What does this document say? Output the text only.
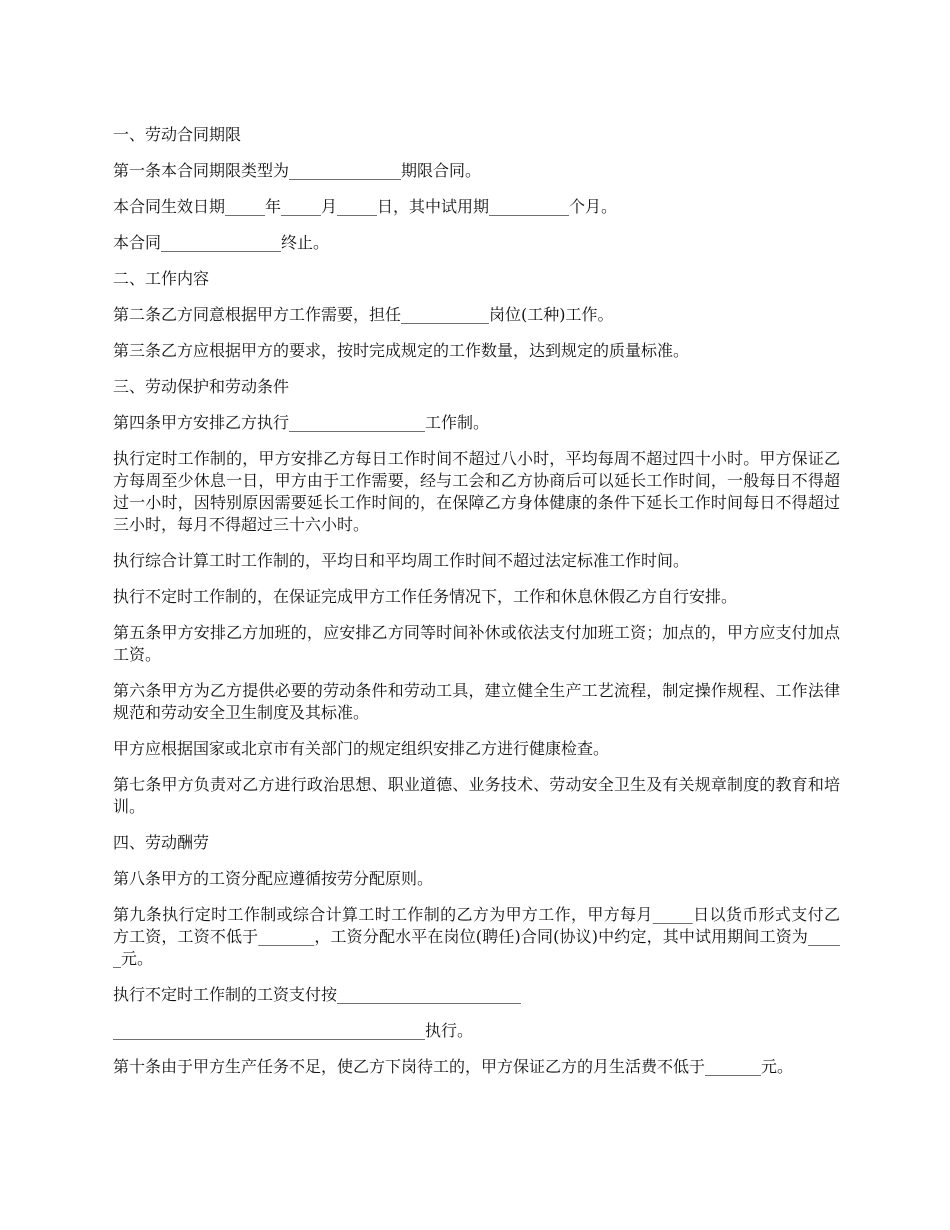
一、劳动合同期限

第一条本合同期限类型为______________期限合同。

本合同生效日期_____年_____月_____日，其中试用期__________个月。

本合同_______________终止。

二、工作内容

第二条乙方同意根据甲方工作需要，担任___________岗位(工种)工作。

第三条乙方应根据甲方的要求，按时完成规定的工作数量，达到规定的质量标准。

三、劳动保护和劳动条件

第四条甲方安排乙方执行_________________工作制。

执行定时工作制的，甲方安排乙方每日工作时间不超过八小时，平均每周不超过四十小时。甲方保证乙方每周至少休息一日，甲方由于工作需要，经与工会和乙方协商后可以延长工作时间，一般每日不得超过一小时，因特别原因需要延长工作时间的，在保障乙方身体健康的条件下延长工作时间每日不得超过三小时，每月不得超过三十六小时。

执行综合计算工时工作制的，平均日和平均周工作时间不超过法定标准工作时间。

执行不定时工作制的，在保证完成甲方工作任务情况下，工作和休息休假乙方自行安排。

第五条甲方安排乙方加班的，应安排乙方同等时间补休或依法支付加班工资；加点的，甲方应支付加点工资。

第六条甲方为乙方提供必要的劳动条件和劳动工具，建立健全生产工艺流程，制定操作规程、工作法律规范和劳动安全卫生制度及其标准。

甲方应根据国家或北京市有关部门的规定组织安排乙方进行健康检查。

第七条甲方负责对乙方进行政治思想、职业道德、业务技术、劳动安全卫生及有关规章制度的教育和培训。

四、劳动酬劳

第八条甲方的工资分配应遵循按劳分配原则。

第九条执行定时工作制或综合计算工时工作制的乙方为甲方工作，甲方每月_____日以货币形式支付乙方工资，工资不低于_______，工资分配水平在岗位(聘任)合同(协议)中约定，其中试用期间工资为_____元。

执行不定时工作制的工资支付按_______________________

_______________________________________执行。

第十条由于甲方生产任务不足，使乙方下岗待工的，甲方保证乙方的月生活费不低于_______元。
